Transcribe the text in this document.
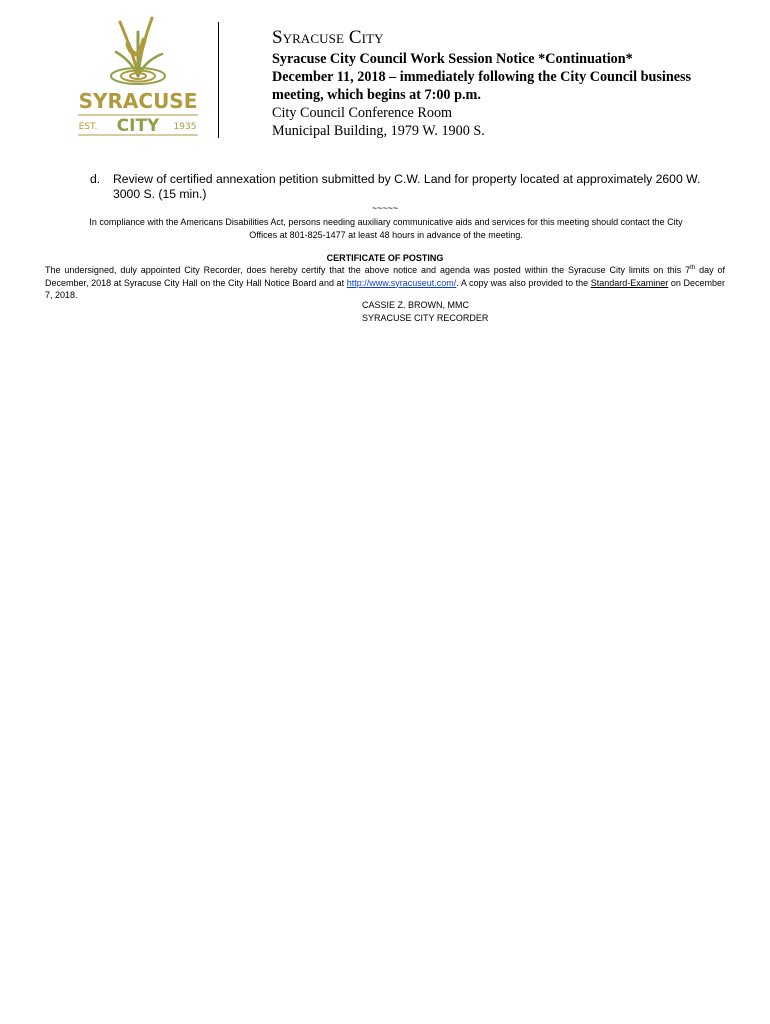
SYRACUSE
EST. CITY 1935
Syracuse City
Syracuse City Council Work Session Notice *Continuation*
December 11, 2018 – immediately following the City Council business
meeting, which begins at 7:00 p.m.
City Council Conference Room
Municipal Building, 1979 W. 1900 S.
d. Review of certified annexation petition submitted by C.W. Land for property located at approximately 2600 W.
3000 S. (15 min.)
~~~~~
In compliance with the Americans Disabilities Act, persons needing auxiliary communicative aids and services for this meeting should contact the City
Offices at 801-825-1477 at least 48 hours in advance of the meeting.
CERTIFICATE OF POSTING
The undersigned, duly appointed City Recorder, does hereby certify that the above notice and agenda was posted within the Syracuse City limits on this 7th day of December, 2018 at Syracuse City Hall on the City Hall Notice Board and at http://www.syracuseut.com/. A copy was also provided to the Standard-Examiner on December 7, 2018.
CASSIE Z. BROWN, MMC
SYRACUSE CITY RECORDER
